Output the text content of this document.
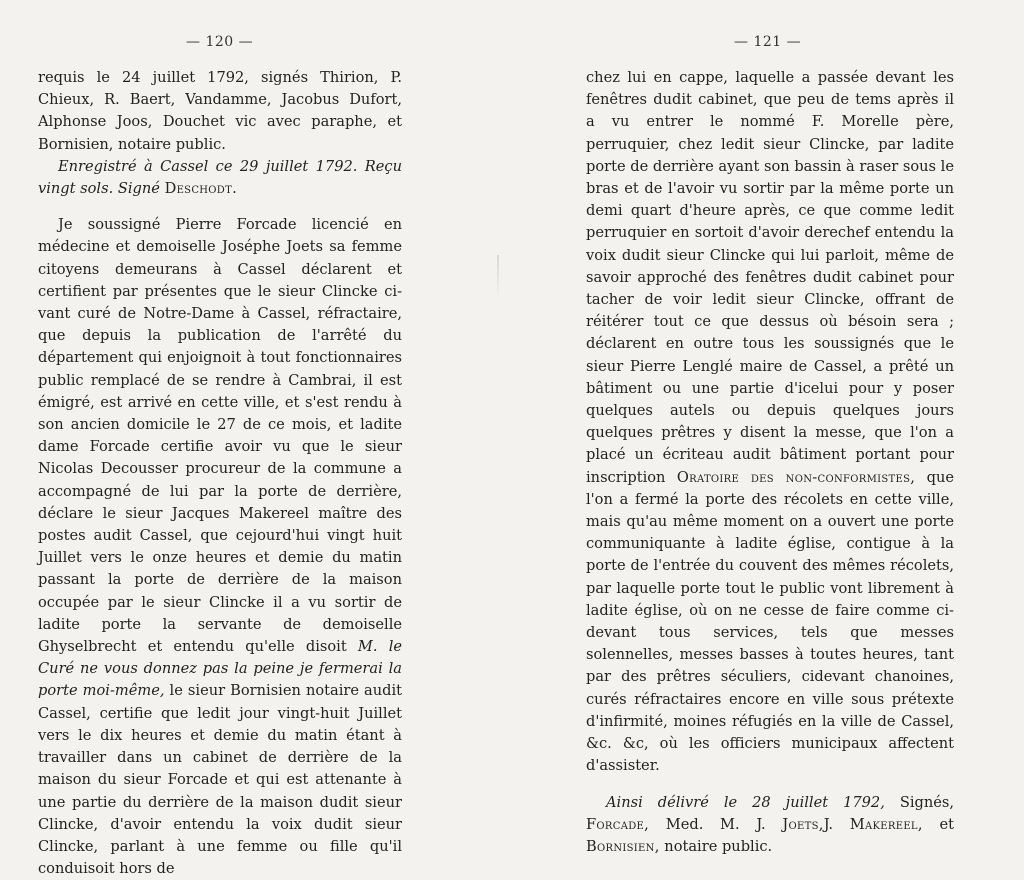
— 120 —

requis le 24 juillet 1792, signés Thirion, P. Chieux, R. Baert, Vandamme, Jacobus Dufort, Alphonse Joos, Douchet vic avec paraphe, et Bornisien, notaire public.

Enregistré à Cassel ce 29 juillet 1792. Reçu vingt sols. Signé Deschodt.

Je soussigné Pierre Forcade licencié en médecine et demoiselle Joséphe Joets sa femme citoyens demeurans à Cassel déclarent et certifient par présentes que le sieur Clincke ci-vant curé de Notre-Dame à Cassel, réfractaire, que depuis la publication de l'arrêté du département qui enjoignoit à tout fonctionnaires public remplacé de se rendre à Cambrai, il est émigré, est arrivé en cette ville, et s'est rendu à son ancien domicile le 27 de ce mois, et ladite dame Forcade certifie avoir vu que le sieur Nicolas Decousser procureur de la commune a accompagné de lui par la porte de derrière, déclare le sieur Jacques Makereel maître des postes audit Cassel, que cejourd'hui vingt huit Juillet vers le onze heures et demie du matin passant la porte de derrière de la maison occupée par le sieur Clincke il a vu sortir de ladite porte la servante de demoiselle Ghyselbrecht et entendu qu'elle disoit M. le Curé ne vous donnez pas la peine je fermerai la porte moi-même, le sieur Bornisien notaire audit Cassel, certifie que ledit jour vingt-huit Juillet vers le dix heures et demie du matin étant à travailler dans un cabinet de derrière de la maison du sieur Forcade et qui est attenante à une partie du derrière de la maison dudit sieur Clincke, d'avoir entendu la voix dudit sieur Clincke, parlant à une femme ou fille qu'il conduisoit hors de

— 121 —

chez lui en cappe, laquelle a passée devant les fenêtres dudit cabinet, que peu de tems après il a vu entrer le nommé F. Morelle père, perruquier, chez ledit sieur Clincke, par ladite porte de derrière ayant son bassin à raser sous le bras et de l'avoir vu sortir par la même porte un demi quart d'heure après, ce que comme ledit perruquier en sortoit d'avoir derechef entendu la voix dudit sieur Clincke qui lui parloit, même de savoir approché des fenêtres dudit cabinet pour tacher de voir ledit sieur Clincke, offrant de réitérer tout ce que dessus où bésoin sera ; déclarent en outre tous les soussignés que le sieur Pierre Lenglé maire de Cassel, a prêté un bâtiment ou une partie d'icelui pour y poser quelques autels ou depuis quelques jours quelques prêtres y disent la messe, que l'on a placé un écriteau audit bâtiment portant pour inscription Oratoire des non-conformistes, que l'on a fermé la porte des récolets en cette ville, mais qu'au même moment on a ouvert une porte communiquante à ladite église, contigue à la porte de l'entrée du couvent des mêmes récolets, par laquelle porte tout le public vont librement à ladite église, où on ne cesse de faire comme ci-devant tous services, tels que messes solennelles, messes basses à toutes heures, tant par des prêtres séculiers, cidevant chanoines, curés réfractaires encore en ville sous prétexte d'infirmité, moines réfugiés en la ville de Cassel, &c. &c, où les officiers municipaux affectent d'assister.

Ainsi délivré le 28 juillet 1792, Signés, Forcade, Med. M. J. Joets,J. Makereel, et Bornisien, notaire public.
